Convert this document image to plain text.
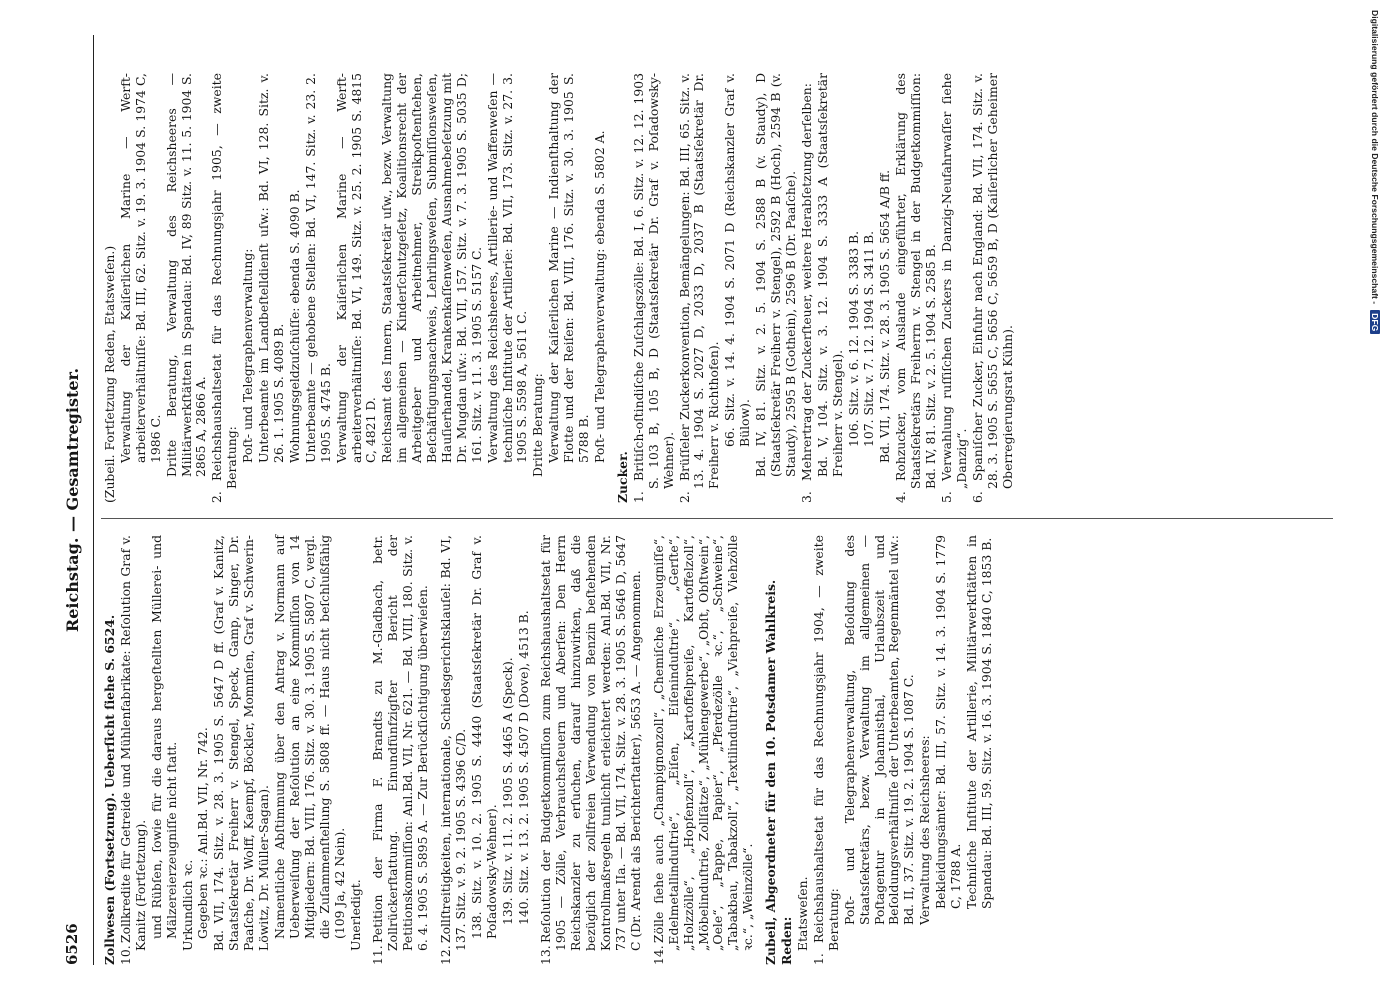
6526
Reichstag. — Gesamtregister.
Zollwesen (Fortsetzung). Ueberſicht ſiehe S. 6524. 10.Zollkredite für Getreide und Mühlenfabrikate: Reſolution Graf v. Kanitz (Fortſetzung). und Rübſen, ſowie für die daraus hergeſtellten Müllerei- und Mälzereierzeugniſſe nicht ſtatt. Urkundlich ꝛc. Gegeben ꝛc.: Anl.Bd. VII, Nr. 742. Bd. VII, 174. Sitz. v. 28. 3. 1905 S. 5647 D ff. (Graf v. Kanitz, Staatsſekretär Freiherr v. Stengel, Speck, Gamp, Singer, Dr. Paaſche, Dr. Wolff, Kaempf, Böckler, Mommſen, Graf v. Schwerin-Löwitz, Dr. Müller-Sagan). Namentliche Abſtimmung über den Antrag v. Normann auf Ueberweiſung der Reſolution an eine Kommiſſion von 14 Mitgliedern: Bd. VIII, 176. Sitz. v. 30. 3. 1905 S. 5807 C, vergl. die Zuſammenſtellung S. 5808 ff. — Haus nicht beſchlußfähig (109 Ja, 42 Nein). Unerledigt.
11.Petition der Firma F. Brandts zu M.-Gladbach, betr. Zollrückerſtattung. Einundfünfzigſter Bericht der Petitionskommiſſion: Anl.Bd. VII, Nr. 621. — Bd. VIII, 180. Sitz. v. 6. 4. 1905 S. 5895 A. — Zur Berückſichtigung überwieſen.
12.Zollſtreitigkeiten, internationale, Schiedsgerichtsklauſel: Bd. VI, 137. Sitz. v. 9. 2. 1905 S. 4396 C/D. 138. Sitz. v. 10. 2. 1905 S. 4440 (Staatsſekretär Dr. Graf v. Poſadowsky-Wehner). 139. Sitz. v. 11. 2. 1905 S. 4465 A (Speck). 140. Sitz. v. 13. 2. 1905 S. 4507 D (Dove), 4513 B.
13.Reſolution der Budgetkommiſſion zum Reichshaushaltsetat für 1905 — Zölle, Verbrauchsſteuern und Aberſen: Den Herrn Reichskanzler zu erſuchen, darauf hinzuwirken, daß die bezüglich der zollfreien Verwendung von Benzin beſtehenden Kontrollmaßregeln tunlichſt erleichtert werden: Anl.Bd. VII, Nr. 737 unter IIa. — Bd. VII, 174. Sitz. v. 28. 3. 1905 S. 5646 D, 5647 C (Dr. Arendt als Berichterſtatter), 5653 A. — Angenommen.
14.Zölle ſiehe auch „Champignonzoll“, „Chemiſche Erzeugniſſe“, „Edelmetallinduſtrie“, „Eiſen, Eiſeninduſtrie“, „Gerſte“, „Holzzölle“, „Hopfenzoll“, „Kartoffelpreiſe, Kartoffelzoll“, „Möbelinduſtrie, Zollſätze“, „Mühlengewerbe“, „Obſt, Obſtwein“, „Oele“, „Pappe, Papier“, „Pferdezölle ꝛc.“, „Schweine“, „Tabakbau, Tabakzoll“, „Textilinduſtrie“, „Viehpreiſe, Viehzölle ꝛc.“, „Weinzölle“. Zubeil, Abgeordneter für den 10. Potsdamer Wahlkreis. Reden: Etatsweſen.
1.Reichshaushaltsetat für das Rechnungsjahr 1904, — zweite Beratung: Poſt- und Telegraphenverwaltung, Beſoldung des Staatsſekretärs, bezw. Verwaltung im allgemeinen — Poſtagentur in Johannisthal, Urlaubszeit und Beſoldungsverhältniſſe der Unterbeamten, Regenmäntel uſw.: Bd. II, 37. Sitz. v. 19. 2. 1904 S. 1087 C. Verwaltung des Reichsheeres: Bekleidungsämter: Bd. III, 57. Sitz. v. 14. 3. 1904 S. 1779 C, 1788 A. Techniſche Inſtitute der Artillerie, Militärwerkſtätten in Spandau: Bd. III, 59. Sitz. v. 16. 3. 1904 S. 1840 C, 1853 B.
(Zubeil. Fortſetzung Reden, Etatsweſen.) Verwaltung der Kaiſerlichen Marine — Werftarbeiterverhältniſſe: Bd. III, 62. Sitz. v. 19. 3. 1904 S. 1974 C, 1986 C. Dritte Beratung, Verwaltung des Reichsheeres — Militärwerkſtätten in Spandau: Bd. IV, 89 Sitz. v. 11. 5. 1904 S. 2865 A, 2866 A.
2.Reichshaushaltsetat für das Rechnungsjahr 1905, — zweite Beratung: Poſt- und Telegraphenverwaltung: Unterbeamte im Landbeſtelldienſt uſw.: Bd. VI, 128. Sitz. v. 26. 1. 1905 S. 4089 B. Wohnungsgeldzuſchüſſe: ebenda S. 4090 B. Unterbeamte — gehobene Stellen: Bd. VI, 147. Sitz. v. 23. 2. 1905 S. 4745 B. Verwaltung der Kaiſerlichen Marine — Werftarbeiterverhältniſſe: Bd. VI, 149. Sitz. v. 25. 2. 1905 S. 4815 C, 4821 D. Reichsamt des Innern, Staatsſekretär uſw., bezw. Verwaltung im allgemeinen — Kinderſchutzgeſetz, Koalitionsrecht der Arbeitgeber und Arbeitnehmer, Streikpoſtenſtehen, Beſchäftigungsnachweis, Lehrlingsweſen, Submiſſionsweſen, Hauſierhandel, Krankenkaſſenweſen, Ausnahmebeſetzung mit Dr. Mugdan uſw.: Bd. VII, 157. Sitz. v. 7. 3. 1905 S. 5035 D; 161. Sitz. v. 11. 3. 1905 S. 5157 C. Verwaltung des Reichsheeres, Artillerie- und Waffenweſen — techniſche Inſtitute der Artillerie: Bd. VII, 173. Sitz. v. 27. 3. 1905 S. 5598 A, 5611 C. Dritte Beratung: Verwaltung der Kaiſerlichen Marine — Indienſthaltung der Flotte und der Reiſen: Bd. VIII, 176. Sitz. v. 30. 3. 1905 S. 5788 B. Poſt- und Telegraphenverwaltung: ebenda S. 5802 A.
Zucker. 1.Britiſch-oſtindiſche Zuſchlagszölle: Bd. I, 6. Sitz. v. 12. 12. 1903 S. 103 B, 105 B, D (Staatsſekretär Dr. Graf v. Poſadowsky-Wehner).
2.Brüſſeler Zuckerkonvention, Bemängelungen: Bd. III, 65. Sitz. v. 13. 4. 1904 S. 2027 D, 2033 D, 2037 B (Staatsſekretär Dr. Freiherr v. Richthofen). 66. Sitz. v. 14. 4. 1904 S. 2071 D (Reichskanzler Graf v. Bülow). Bd. IV, 81. Sitz. v. 2. 5. 1904 S. 2588 B (v. Staudy), D (Staatsſekretär Freiherr v. Stengel), 2592 B (Hoch), 2594 B (v. Staudy), 2595 B (Gothein), 2596 B (Dr. Paaſche).
3.Mehrertrag der Zuckerſteuer, weitere Herabſetzung derſelben: Bd. V, 104. Sitz. v. 3. 12. 1904 S. 3333 A (Staatsſekretär Freiherr v. Stengel). 106. Sitz. v. 6. 12. 1904 S. 3383 B. 107. Sitz. v. 7. 12. 1904 S. 3411 B. Bd. VII, 174. Sitz. v. 28. 3. 1905 S. 5654 A/B ff.
4.Rohzucker, vom Auslande eingeführter, Erklärung des Staatsſekretärs Freiherrn v. Stengel in der Budgetkommiſſion: Bd. IV, 81. Sitz. v. 2. 5. 1904 S. 2585 B.
5.Verwahlung ruſſiſchen Zuckers in Danzig-Neufahrwaſſer ſiehe „Danzig“.
6.Spaniſcher Zucker, Einfuhr nach England: Bd. VII, 174. Sitz. v. 28. 3. 1905 S. 5655 C, 5656 C, 5659 B, D (Kaiſerlicher Geheimer Oberregierungsrat Kühn).
Digitalisierung gefördert durch die Deutsche Forschungsgemeinschaft -DFG
